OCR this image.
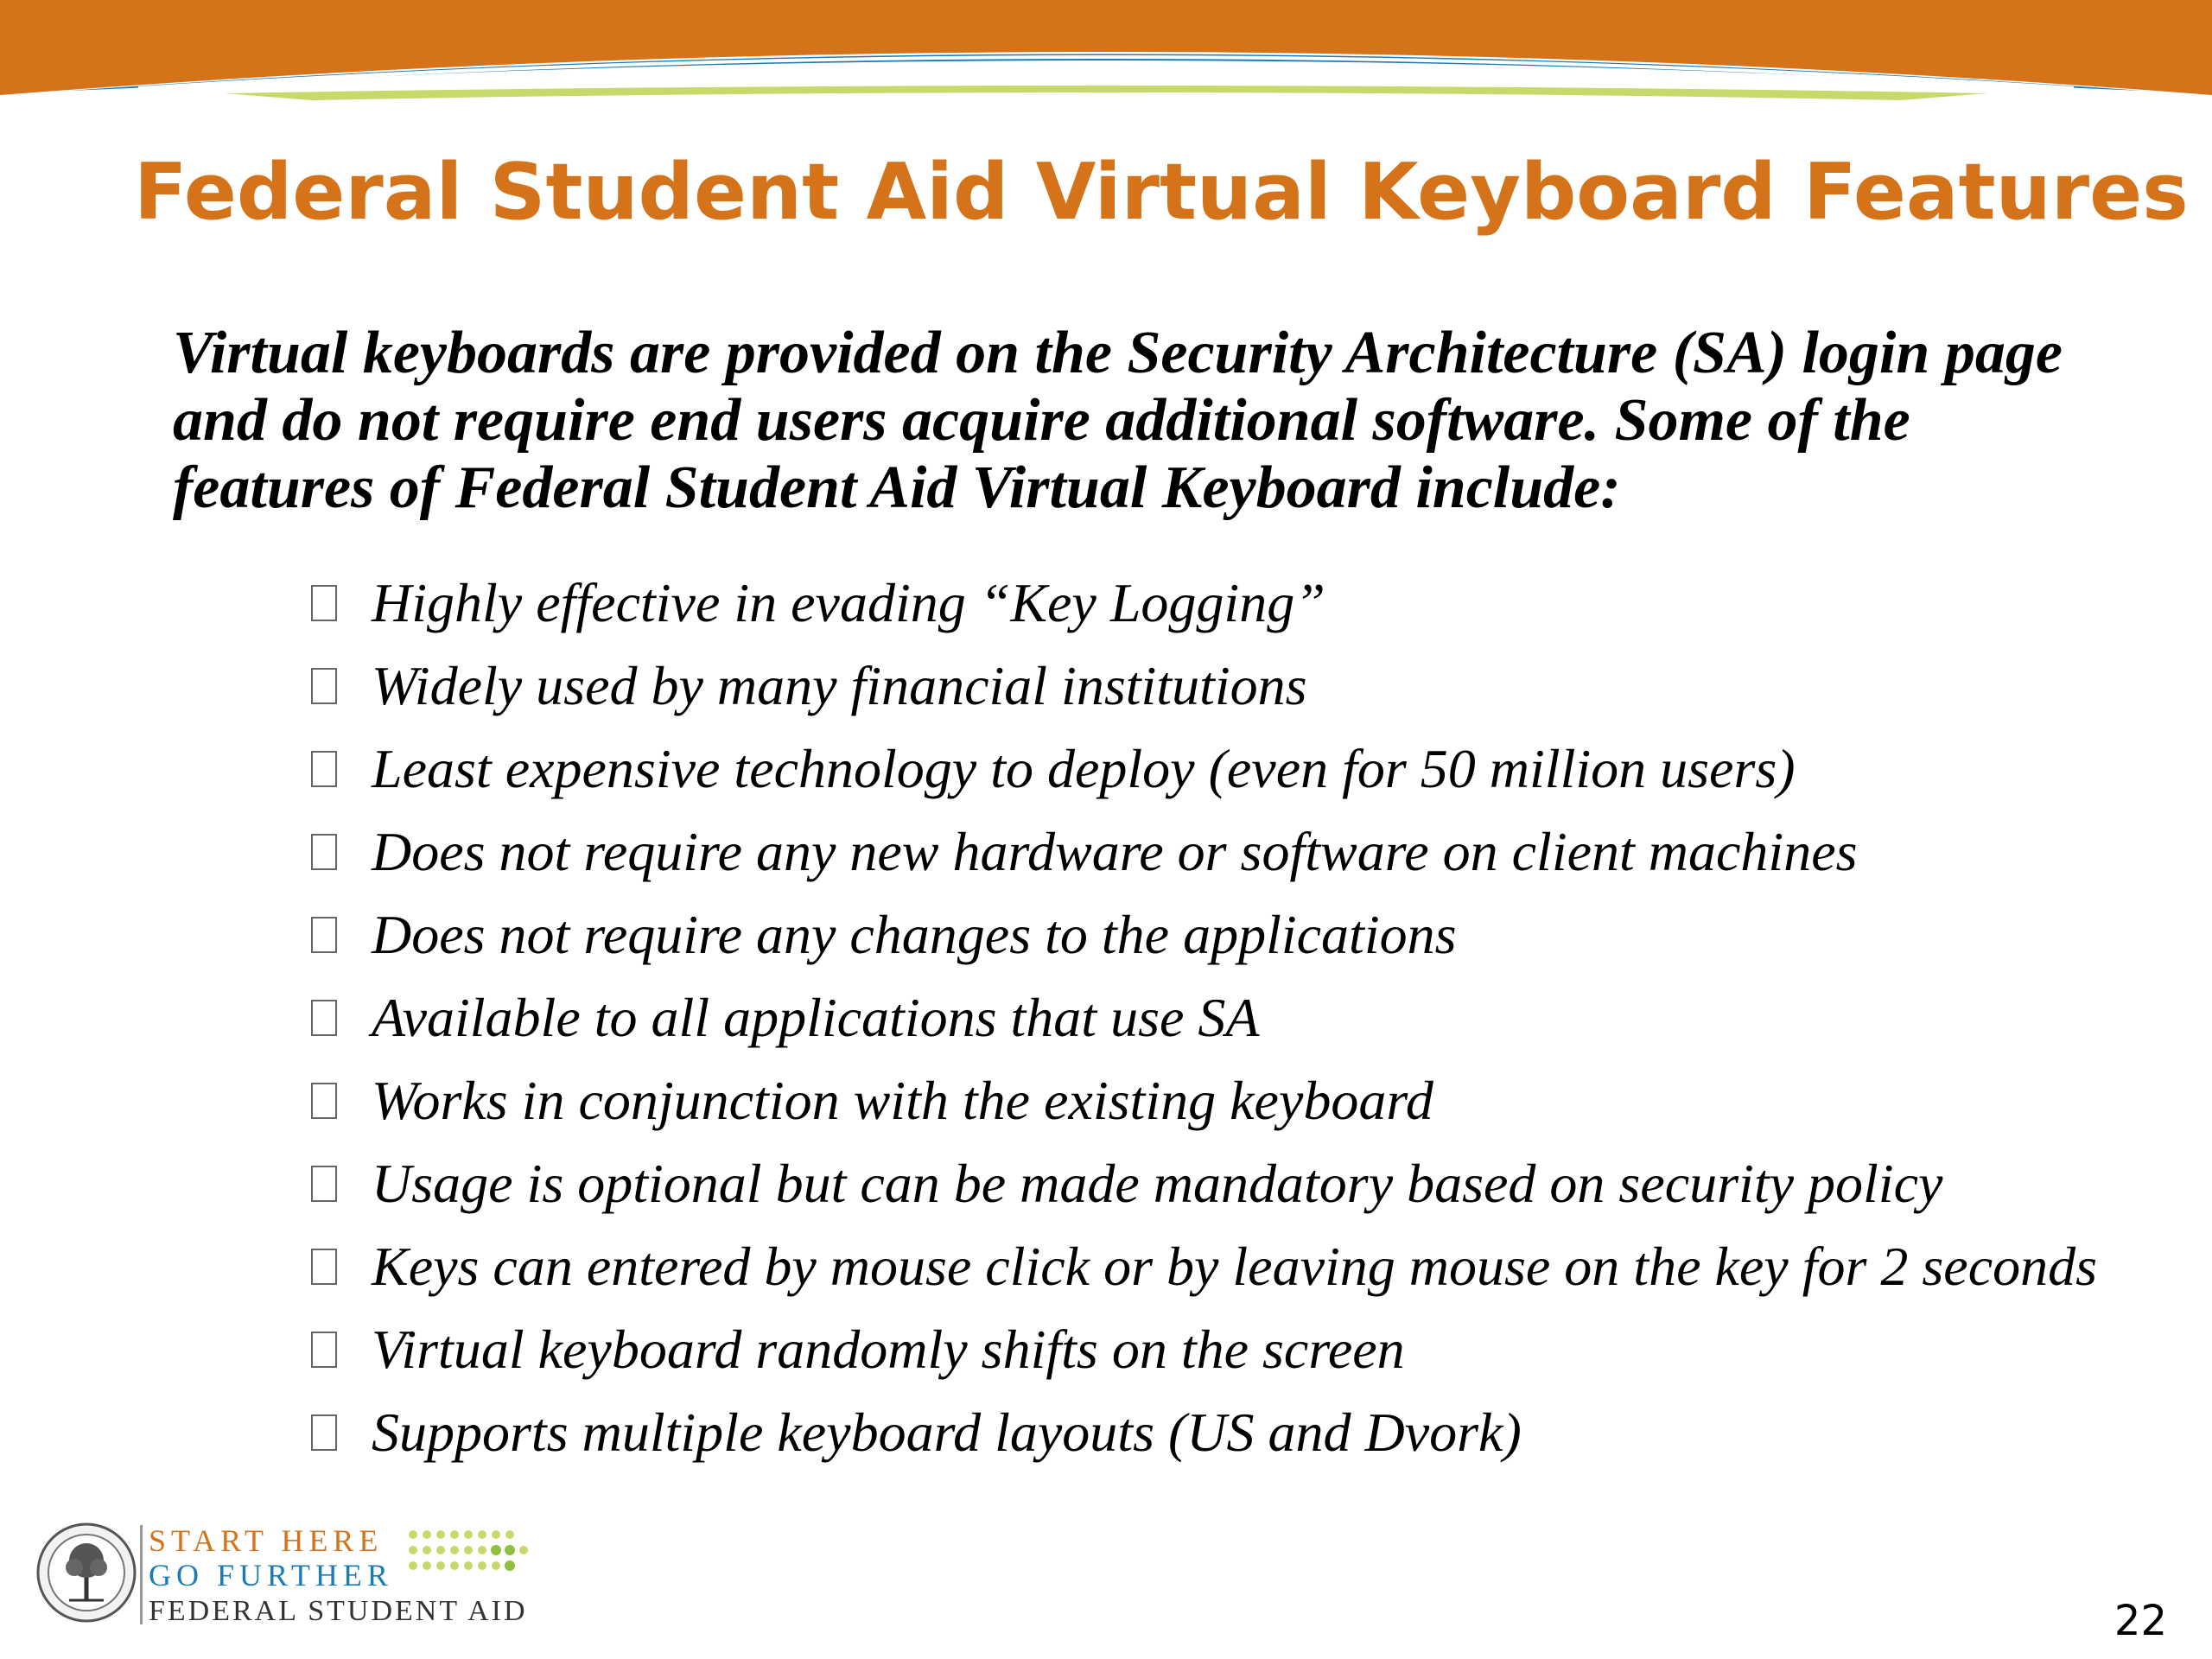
Federal Student Aid Virtual Keyboard Features

Virtual keyboards are provided on the Security Architecture (SA) login page and do not require end users acquire additional software. Some of the features of Federal Student Aid Virtual Keyboard include:

Highly effective in evading “Key Logging”
Widely used by many financial institutions
Least expensive technology to deploy (even for 50 million users)
Does not require any new hardware or software on client machines
Does not require any changes to the applications
Available to all applications that use SA
Works in conjunction with the existing keyboard
Usage is optional but can be made mandatory based on security policy
Keys can entered by mouse click or by leaving mouse on the key for 2 seconds
Virtual keyboard randomly shifts on the screen
Supports multiple keyboard layouts (US and Dvork)
START HERE
GO FURTHER
FEDERAL STUDENT AID	22
